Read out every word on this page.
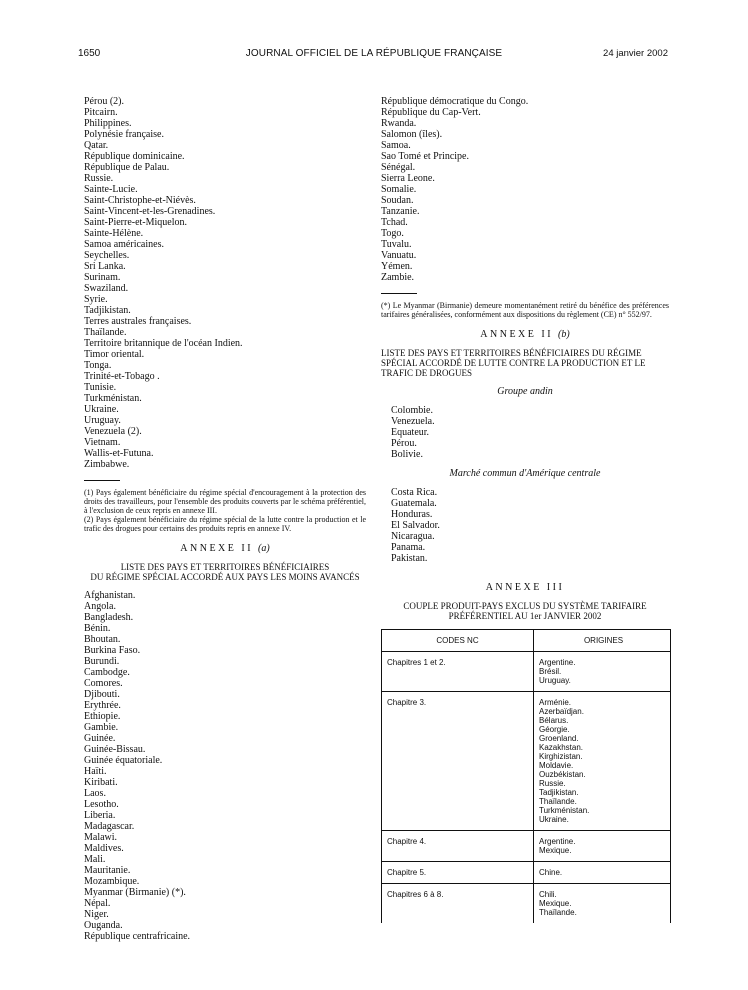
1650	JOURNAL OFFICIEL DE LA RÉPUBLIQUE FRANÇAISE	24 janvier 2002
Pérou (2).
Pitcairn.
Philippines.
Polynésie française.
Qatar.
République dominicaine.
République de Palau.
Russie.
Sainte-Lucie.
Saint-Christophe-et-Niévès.
Saint-Vincent-et-les-Grenadines.
Saint-Pierre-et-Miquelon.
Sainte-Hélène.
Samoa américaines.
Seychelles.
Sri Lanka.
Surinam.
Swaziland.
Syrie.
Tadjikistan.
Terres australes françaises.
Thaïlande.
Territoire britannique de l'océan Indien.
Timor oriental.
Tonga.
Trinité-et-Tobago .
Tunisie.
Turkménistan.
Ukraine.
Uruguay.
Venezuela (2).
Vietnam.
Wallis-et-Futuna.
Zimbabwe.
(1) Pays également bénéficiaire du régime spécial d'encouragement à la protection des droits des travailleurs, pour l'ensemble des produits couverts par le schéma préférentiel, à l'exclusion de ceux repris en annexe III.
(2) Pays également bénéficiaire du régime spécial de la lutte contre la production et le trafic des drogues pour certains des produits repris en annexe IV.
ANNEXE II (a)
LISTE DES PAYS ET TERRITOIRES BÉNÉFICIAIRES
DU RÉGIME SPÉCIAL ACCORDÉ AUX PAYS LES MOINS AVANCÉS
Afghanistan.
Angola.
Bangladesh.
Bénin.
Bhoutan.
Burkina Faso.
Burundi.
Cambodge.
Comores.
Djibouti.
Erythrée.
Ethiopie.
Gambie.
Guinée.
Guinée-Bissau.
Guinée équatoriale.
Haïti.
Kiribati.
Laos.
Lesotho.
Liberia.
Madagascar.
Malawi.
Maldives.
Mali.
Mauritanie.
Mozambique.
Myanmar (Birmanie) (*).
Népal.
Niger.
Ouganda.
République centrafricaine.
République démocratique du Congo.
République du Cap-Vert.
Rwanda.
Salomon (îles).
Samoa.
Sao Tomé et Principe.
Sénégal.
Sierra Leone.
Somalie.
Soudan.
Tanzanie.
Tchad.
Togo.
Tuvalu.
Vanuatu.
Yémen.
Zambie.
(*) Le Myanmar (Birmanie) demeure momentanément retiré du bénéfice des préférences tarifaires généralisées, conformément aux dispositions du règlement (CE) n° 552/97.
ANNEXE II (b)
LISTE DES PAYS ET TERRITOIRES BÉNÉFICIAIRES DU RÉGIME SPÉCIAL ACCORDÉ DE LUTTE CONTRE LA PRODUCTION ET LE TRAFIC DE DROGUES
Groupe andin
Colombie.
Venezuela.
Equateur.
Pérou.
Bolivie.
Marché commun d'Amérique centrale
Costa Rica.
Guatemala.
Honduras.
El Salvador.
Nicaragua.
Panama.
Pakistan.
ANNEXE III
COUPLE PRODUIT-PAYS EXCLUS DU SYSTÈME TARIFAIRE
PRÉFÉRENTIEL AU 1er JANVIER 2002
CODES NC	ORIGINES
Chapitres 1 et 2.	Argentine.
Brésil.
Uruguay.
Chapitre 3.	Arménie.
Azerbaïdjan.
Bélarus.
Géorgie.
Groenland.
Kazakhstan.
Kirghizistan.
Moldavie.
Ouzbékistan.
Russie.
Tadjikistan.
Thaïlande.
Turkménistan.
Ukraine.
Chapitre 4.	Argentine.
Mexique.
Chapitre 5.	Chine.
Chapitres 6 à 8.	Chili.
Mexique.
Thaïlande.
